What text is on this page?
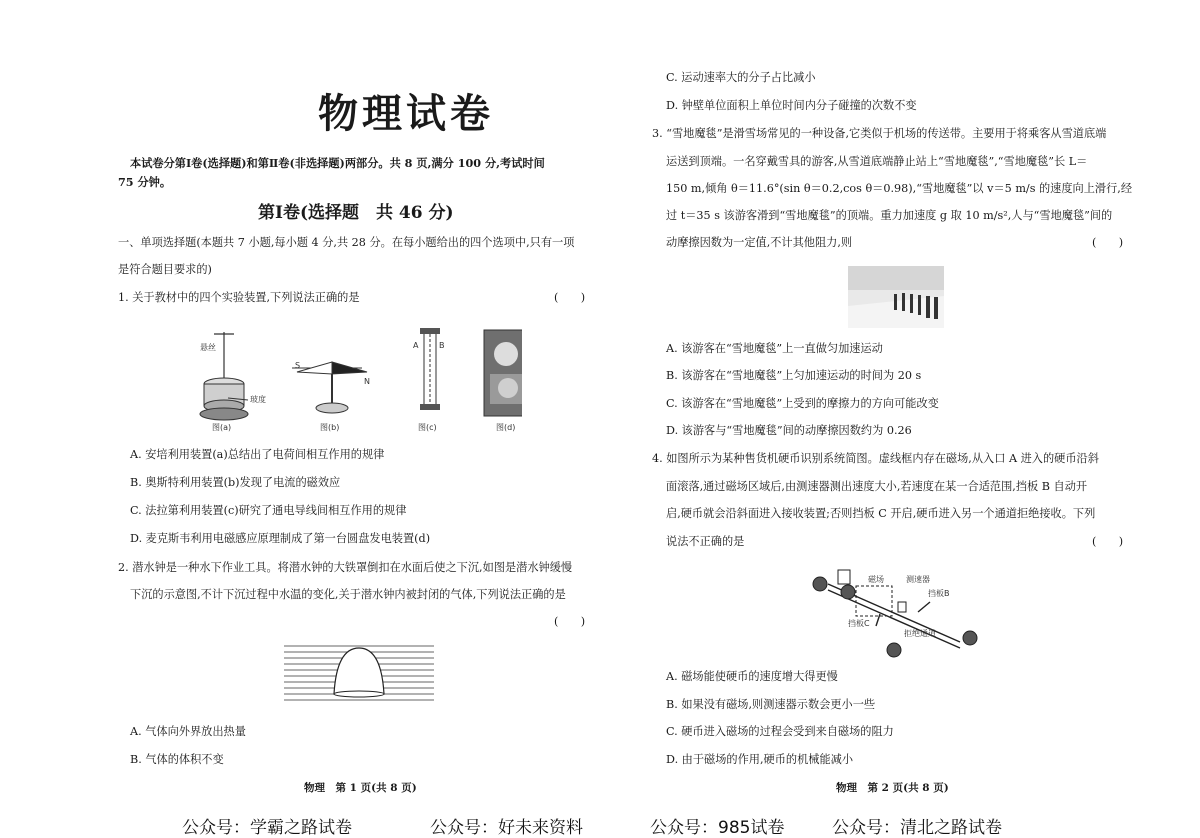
物理试卷
本试卷分第Ⅰ卷(选择题)和第Ⅱ卷(非选择题)两部分。共 8 页,满分 100 分,考试时间
75 分钟。
第Ⅰ卷(选择题　共 46 分)
一、单项选择题(本题共 7 小题,每小题 4 分,共 28 分。在每小题给出的四个选项中,只有一项
是符合题目要求的)
1. 关于教材中的四个实验装置,下列说法正确的是	(　　)
悬丝
玻度
图(a)
S
N
图(b)
A	B
图(c)	图(d)
A. 安培利用装置(a)总结出了电荷间相互作用的规律
B. 奥斯特利用装置(b)发现了电流的磁效应
C. 法拉第利用装置(c)研究了通电导线间相互作用的规律
D. 麦克斯韦利用电磁感应原理制成了第一台圆盘发电装置(d)
2. 潜水钟是一种水下作业工具。将潜水钟的大铁罩倒扣在水面后使之下沉,如图是潜水钟缓慢
下沉的示意图,不计下沉过程中水温的变化,关于潜水钟内被封闭的气体,下列说法正确的是
(　　)
A. 气体向外界放出热量
B. 气体的体积不变
物理　第 1 页(共 8 页)
C. 运动速率大的分子占比减小
D. 钟壁单位面积上单位时间内分子碰撞的次数不变
3. “雪地魔毯”是滑雪场常见的一种设备,它类似于机场的传送带。主要用于将乘客从雪道底端
运送到顶端。一名穿戴雪具的游客,从雪道底端静止站上“雪地魔毯”,“雪地魔毯”长 L＝
150 m,倾角 θ＝11.6°(sin θ＝0.2,cos θ＝0.98),“雪地魔毯”以 v＝5 m/s 的速度向上滑行,经
过 t＝35 s 该游客滑到“雪地魔毯”的顶端。重力加速度 g 取 10 m/s²,人与“雪地魔毯”间的
动摩擦因数为一定值,不计其他阻力,则	(　　)
A. 该游客在“雪地魔毯”上一直做匀加速运动
B. 该游客在“雪地魔毯”上匀加速运动的时间为 20 s
C. 该游客在“雪地魔毯”上受到的摩擦力的方向可能改变
D. 该游客与“雪地魔毯”间的动摩擦因数约为 0.26
4. 如图所示为某种售货机硬币识别系统简图。虚线框内存在磁场,从入口 A 进入的硬币沿斜
面滚落,通过磁场区域后,由测速器测出速度大小,若速度在某一合适范围,挡板 B 自动开
启,硬币就会沿斜面进入接收装置;否则挡板 C 开启,硬币进入另一个通道拒绝接收。下列
说法不正确的是	(　　)
磁场	测速器
挡板B
挡板C
拒绝通道
A. 磁场能使硬币的速度增大得更慢
B. 如果没有磁场,则测速器示数会更小一些
C. 硬币进入磁场的过程会受到来自磁场的阻力
D. 由于磁场的作用,硬币的机械能减小
物理　第 2 页(共 8 页)
公众号：学霸之路试卷	公众号：好未来资料	公众号：985试卷	公众号：清北之路试卷
